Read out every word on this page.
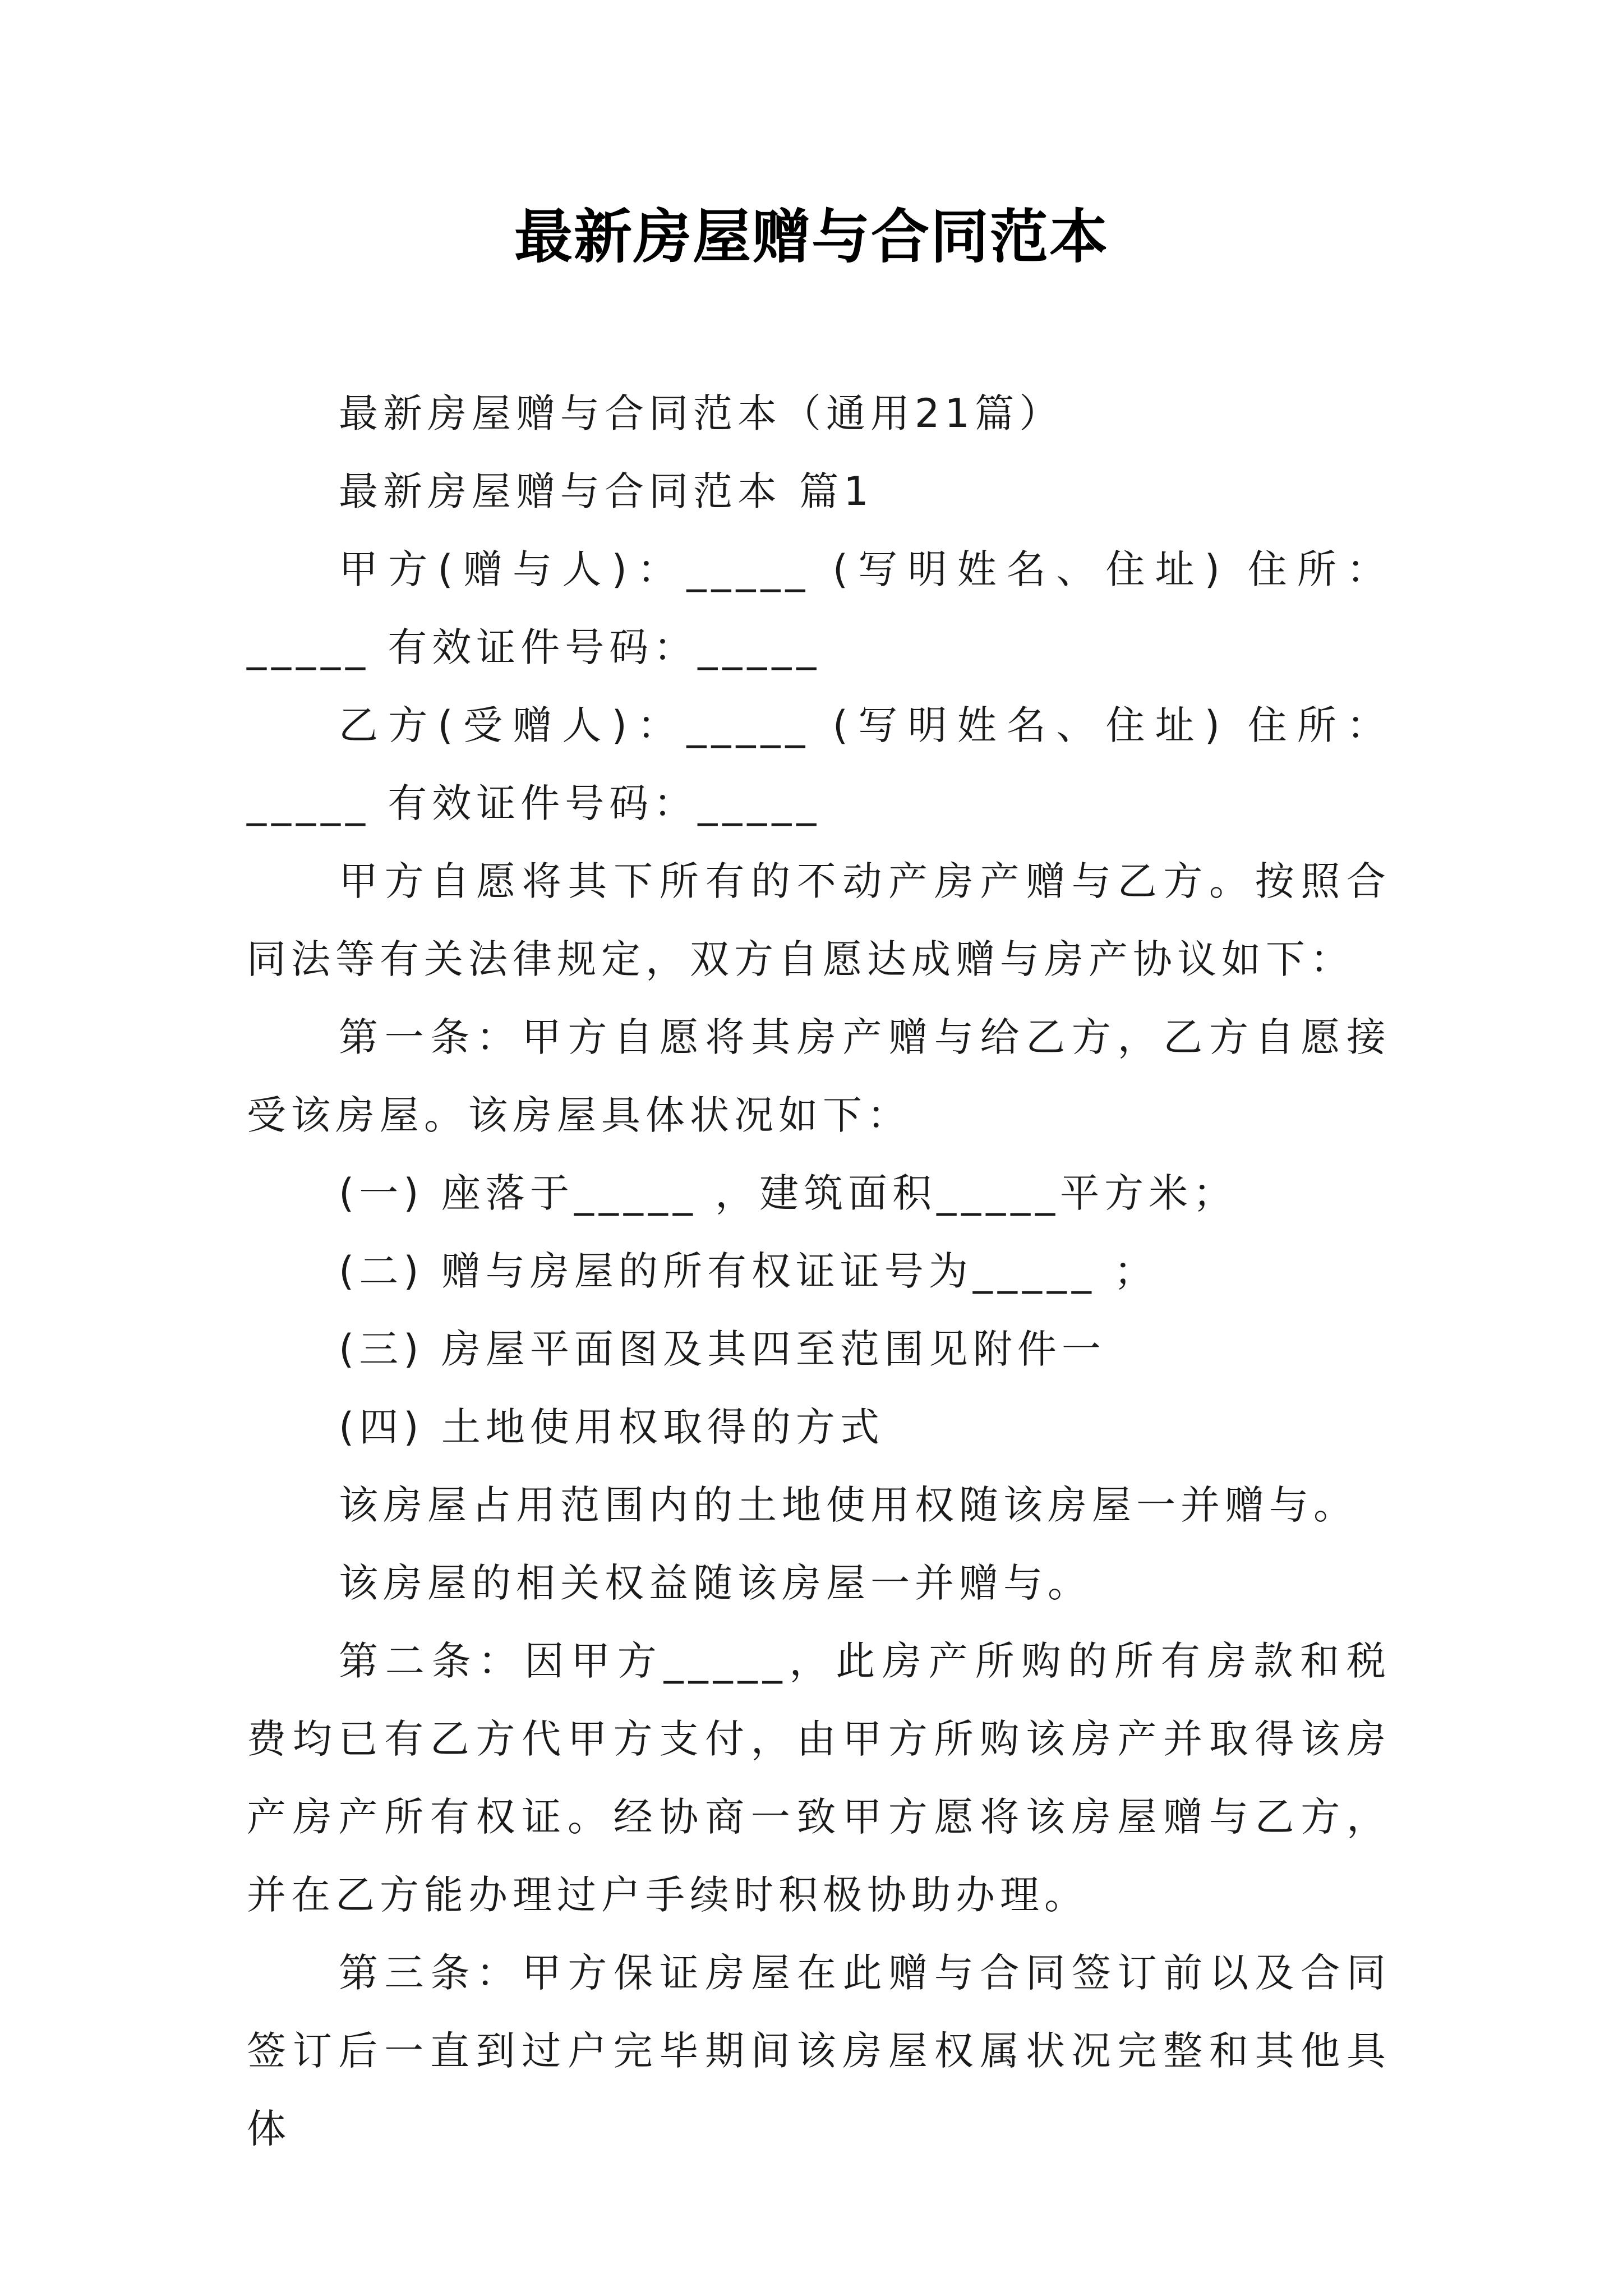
最新房屋赠与合同范本

最新房屋赠与合同范本（通用21篇）

最新房屋赠与合同范本 篇1

甲方(赠与人)：_____ (写明姓名、住址) 住所：_____ 有效证件号码：_____

乙方(受赠人)：_____ (写明姓名、住址) 住所：_____ 有效证件号码：_____

甲方自愿将其下所有的不动产房产赠与乙方。按照合同法等有关法律规定，双方自愿达成赠与房产协议如下：

第一条：甲方自愿将其房产赠与给乙方，乙方自愿接受该房屋。该房屋具体状况如下：

(一) 座落于_____ ，建筑面积_____平方米；

(二) 赠与房屋的所有权证证号为_____ ；

(三) 房屋平面图及其四至范围见附件一

(四) 土地使用权取得的方式

该房屋占用范围内的土地使用权随该房屋一并赠与。

该房屋的相关权益随该房屋一并赠与。

第二条：因甲方_____，此房产所购的所有房款和税费均已有乙方代甲方支付，由甲方所购该房产并取得该房产房产所有权证。经协商一致甲方愿将该房屋赠与乙方，并在乙方能办理过户手续时积极协助办理。

第三条：甲方保证房屋在此赠与合同签订前以及合同签订后一直到过户完毕期间该房屋权属状况完整和其他具体
